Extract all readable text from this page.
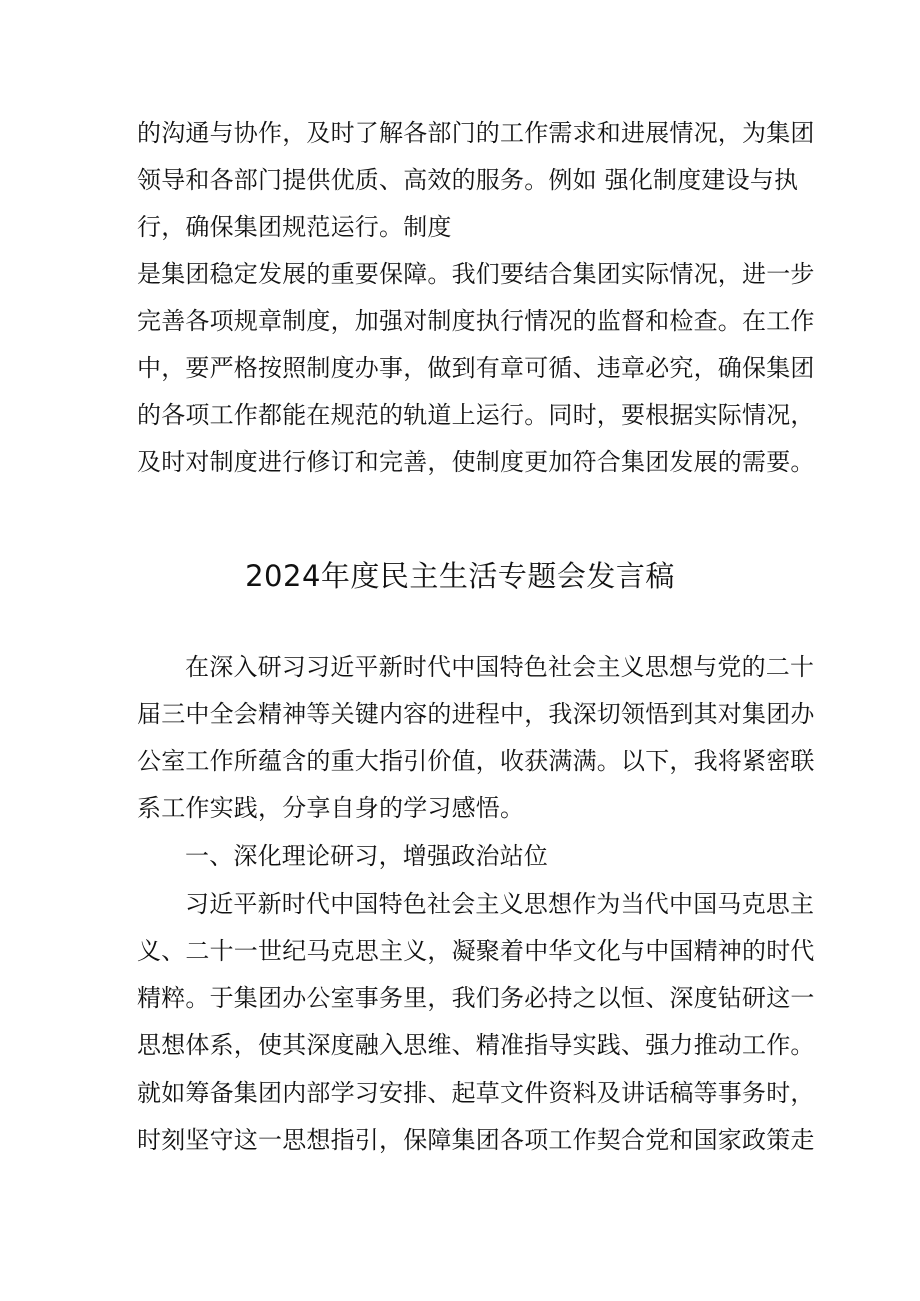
的沟通与协作，及时了解各部门的工作需求和进展情况，为集团
领导和各部门提供优质、高效的服务。例如 强化制度建设与执
行，确保集团规范运行。制度
是集团稳定发展的重要保障。我们要结合集团实际情况，进一步
完善各项规章制度，加强对制度执行情况的监督和检查。在工作
中，要严格按照制度办事，做到有章可循、违章必究，确保集团
的各项工作都能在规范的轨道上运行。同时，要根据实际情况，
及时对制度进行修订和完善，使制度更加符合集团发展的需要。
2024年度民主生活专题会发言稿
在深入研习习近平新时代中国特色社会主义思想与党的二十
届三中全会精神等关键内容的进程中，我深切领悟到其对集团办
公室工作所蕴含的重大指引价值，收获满满。以下，我将紧密联
系工作实践，分享自身的学习感悟。
一、深化理论研习，增强政治站位
习近平新时代中国特色社会主义思想作为当代中国马克思主
义、二十一世纪马克思主义，凝聚着中华文化与中国精神的时代
精粹。于集团办公室事务里，我们务必持之以恒、深度钻研这一
思想体系，使其深度融入思维、精准指导实践、强力推动工作。
就如筹备集团内部学习安排、起草文件资料及讲话稿等事务时，
时刻坚守这一思想指引，保障集团各项工作契合党和国家政策走
